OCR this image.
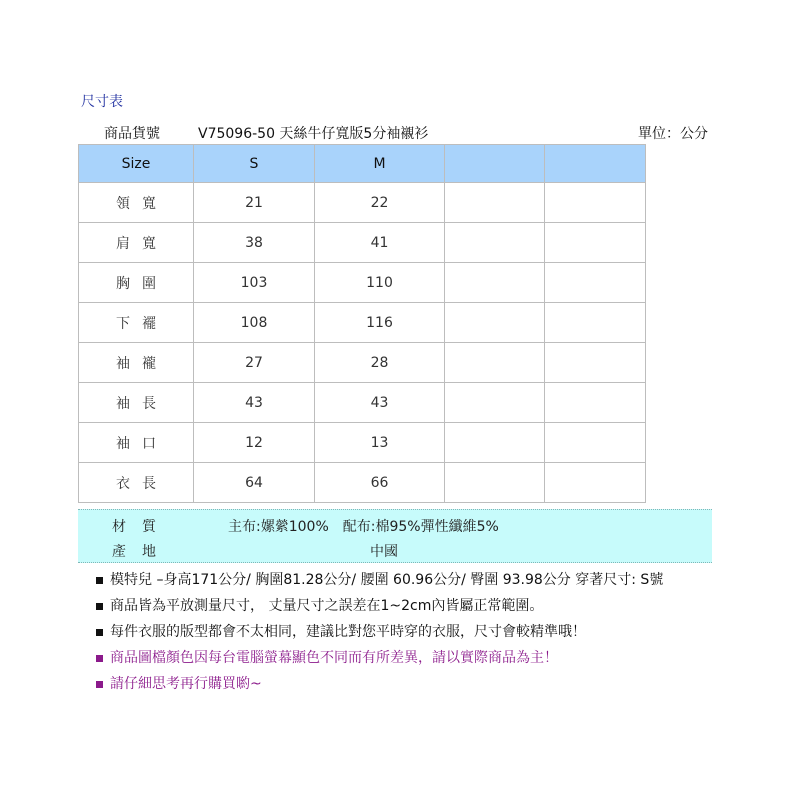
尺寸表
商品貨號	V75096-50 天絲牛仔寬版5分袖襯衫	單位：公分
Size	S	M		
領寬	21	22		
肩寬	38	41		
胸圍	103	110		
下襬	108	116		
袖襱	27	28		
袖長	43	43		
袖口	12	13		
衣長	64	66		
材質	主布:嫘縈100%　配布:棉95%彈性纖維5%
產地	中國
模特兒 –身高171公分/ 胸圍81.28公分/ 腰圍 60.96公分/ 臀圍 93.98公分 穿著尺寸: S號
商品皆為平放測量尺寸， 丈量尺寸之誤差在1~2cm內皆屬正常範圍。
每件衣服的版型都會不太相同，建議比對您平時穿的衣服，尺寸會較精準哦！
商品圖檔顏色因每台電腦螢幕顯色不同而有所差異，請以實際商品為主！
請仔細思考再行購買喲~
